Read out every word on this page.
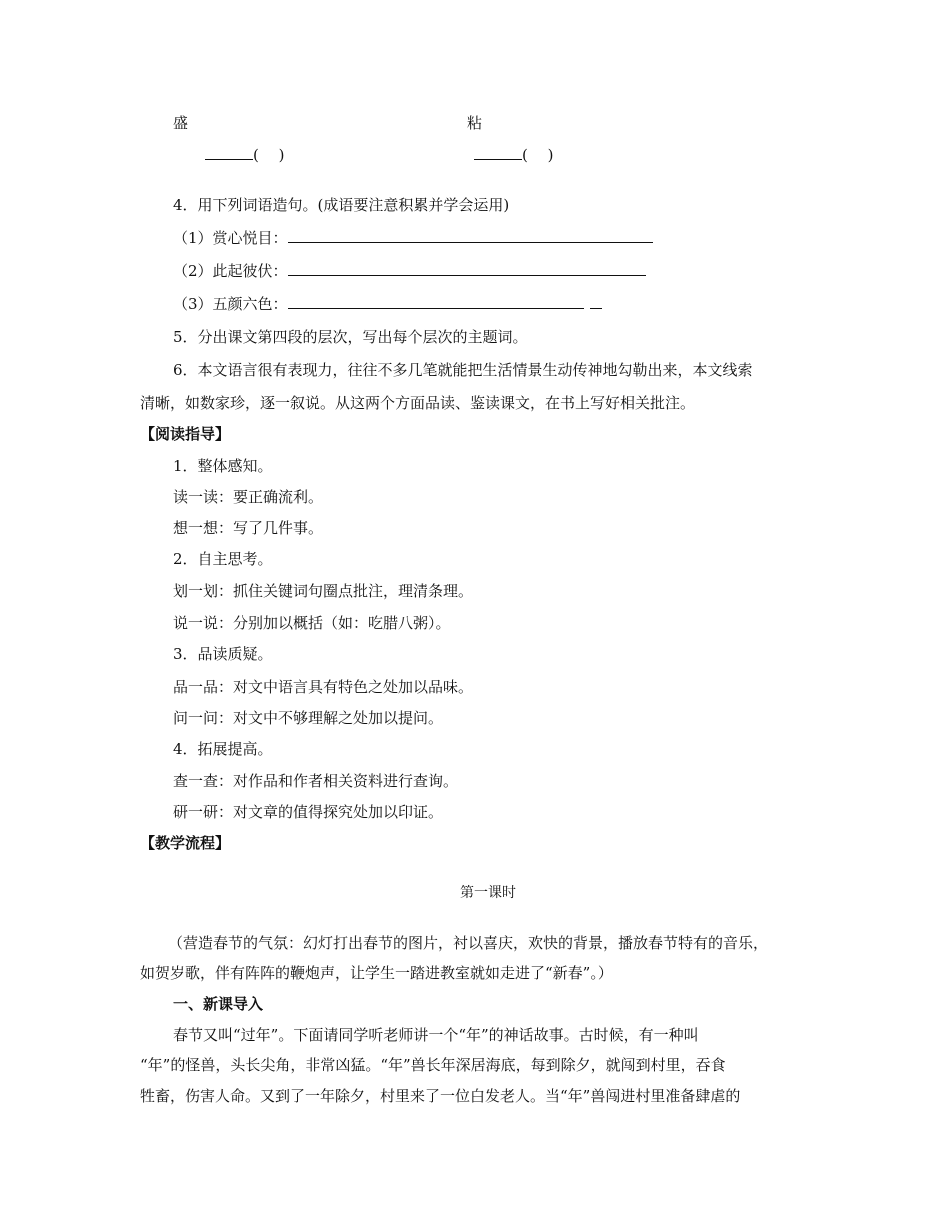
盛	粘
(　 )	(　 )
4．用下列词语造句。(成语要注意积累并学会运用)
（1）赏心悦目：
（2）此起彼伏：
（3）五颜六色：
5．分出课文第四段的层次，写出每个层次的主题词。
6．本文语言很有表现力，往往不多几笔就能把生活情景生动传神地勾勒出来，本文线索
清晰，如数家珍，逐一叙说。从这两个方面品读、鉴读课文，在书上写好相关批注。
【阅读指导】
1．整体感知。
读一读：要正确流利。
想一想：写了几件事。
2．自主思考。
划一划：抓住关键词句圈点批注，理清条理。
说一说：分别加以概括（如：吃腊八粥）。
3．品读质疑。
品一品：对文中语言具有特色之处加以品味。
问一问：对文中不够理解之处加以提问。
4．拓展提高。
查一查：对作品和作者相关资料进行查询。
研一研：对文章的值得探究处加以印证。
【教学流程】
第一课时
（营造春节的气氛：幻灯打出春节的图片，衬以喜庆，欢快的背景，播放春节特有的音乐，
如贺岁歌，伴有阵阵的鞭炮声，让学生一踏进教室就如走进了“新春”。）
一、新课导入
春节又叫“过年”。下面请同学听老师讲一个“年”的神话故事。古时候，有一种叫
“年”的怪兽，头长尖角，非常凶猛。“年”兽长年深居海底，每到除夕，就闯到村里，吞食
牲畜，伤害人命。又到了一年除夕，村里来了一位白发老人。当“年”兽闯进村里准备肆虐的
